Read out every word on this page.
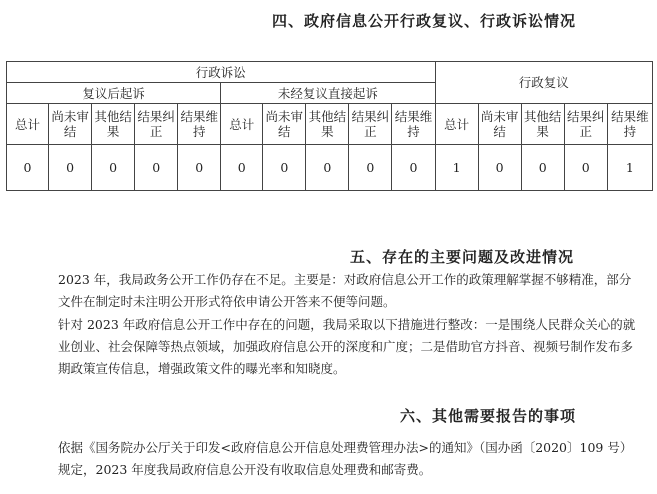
四、政府信息公开行政复议、行政诉讼情况
行政诉讼										行政复议				
复议后起诉					未经复议直接起诉									
总计	尚未审结	其他结果	结果纠正	结果维持	总计	尚未审结	其他结果	结果纠正	结果维持	总计	尚未审结	其他结果	结果纠正	结果维持
0	0	0	0	0	0	0	0	0	0	1	0	0	0	1
五、存在的主要问题及改进情况
2023 年，我局政务公开工作仍存在不足。主要是：对政府信息公开工作的政策理解掌握不够精准，部分文件在制定时未注明公开形式符依申请公开答来不便等问题。
针对 2023 年政府信息公开工作中存在的问题，我局采取以下措施进行整改：一是围绕人民群众关心的就业创业、社会保障等热点领域，加强政府信息公开的深度和广度；二是借助官方抖音、视频号制作发布多期政策宣传信息，增强政策文件的曝光率和知晓度。
六、其他需要报告的事项
依据《国务院办公厅关于印发<政府信息公开信息处理费管理办法>的通知》（国办函〔2020〕109 号）规定，2023 年度我局政府信息公开没有收取信息处理费和邮寄费。
